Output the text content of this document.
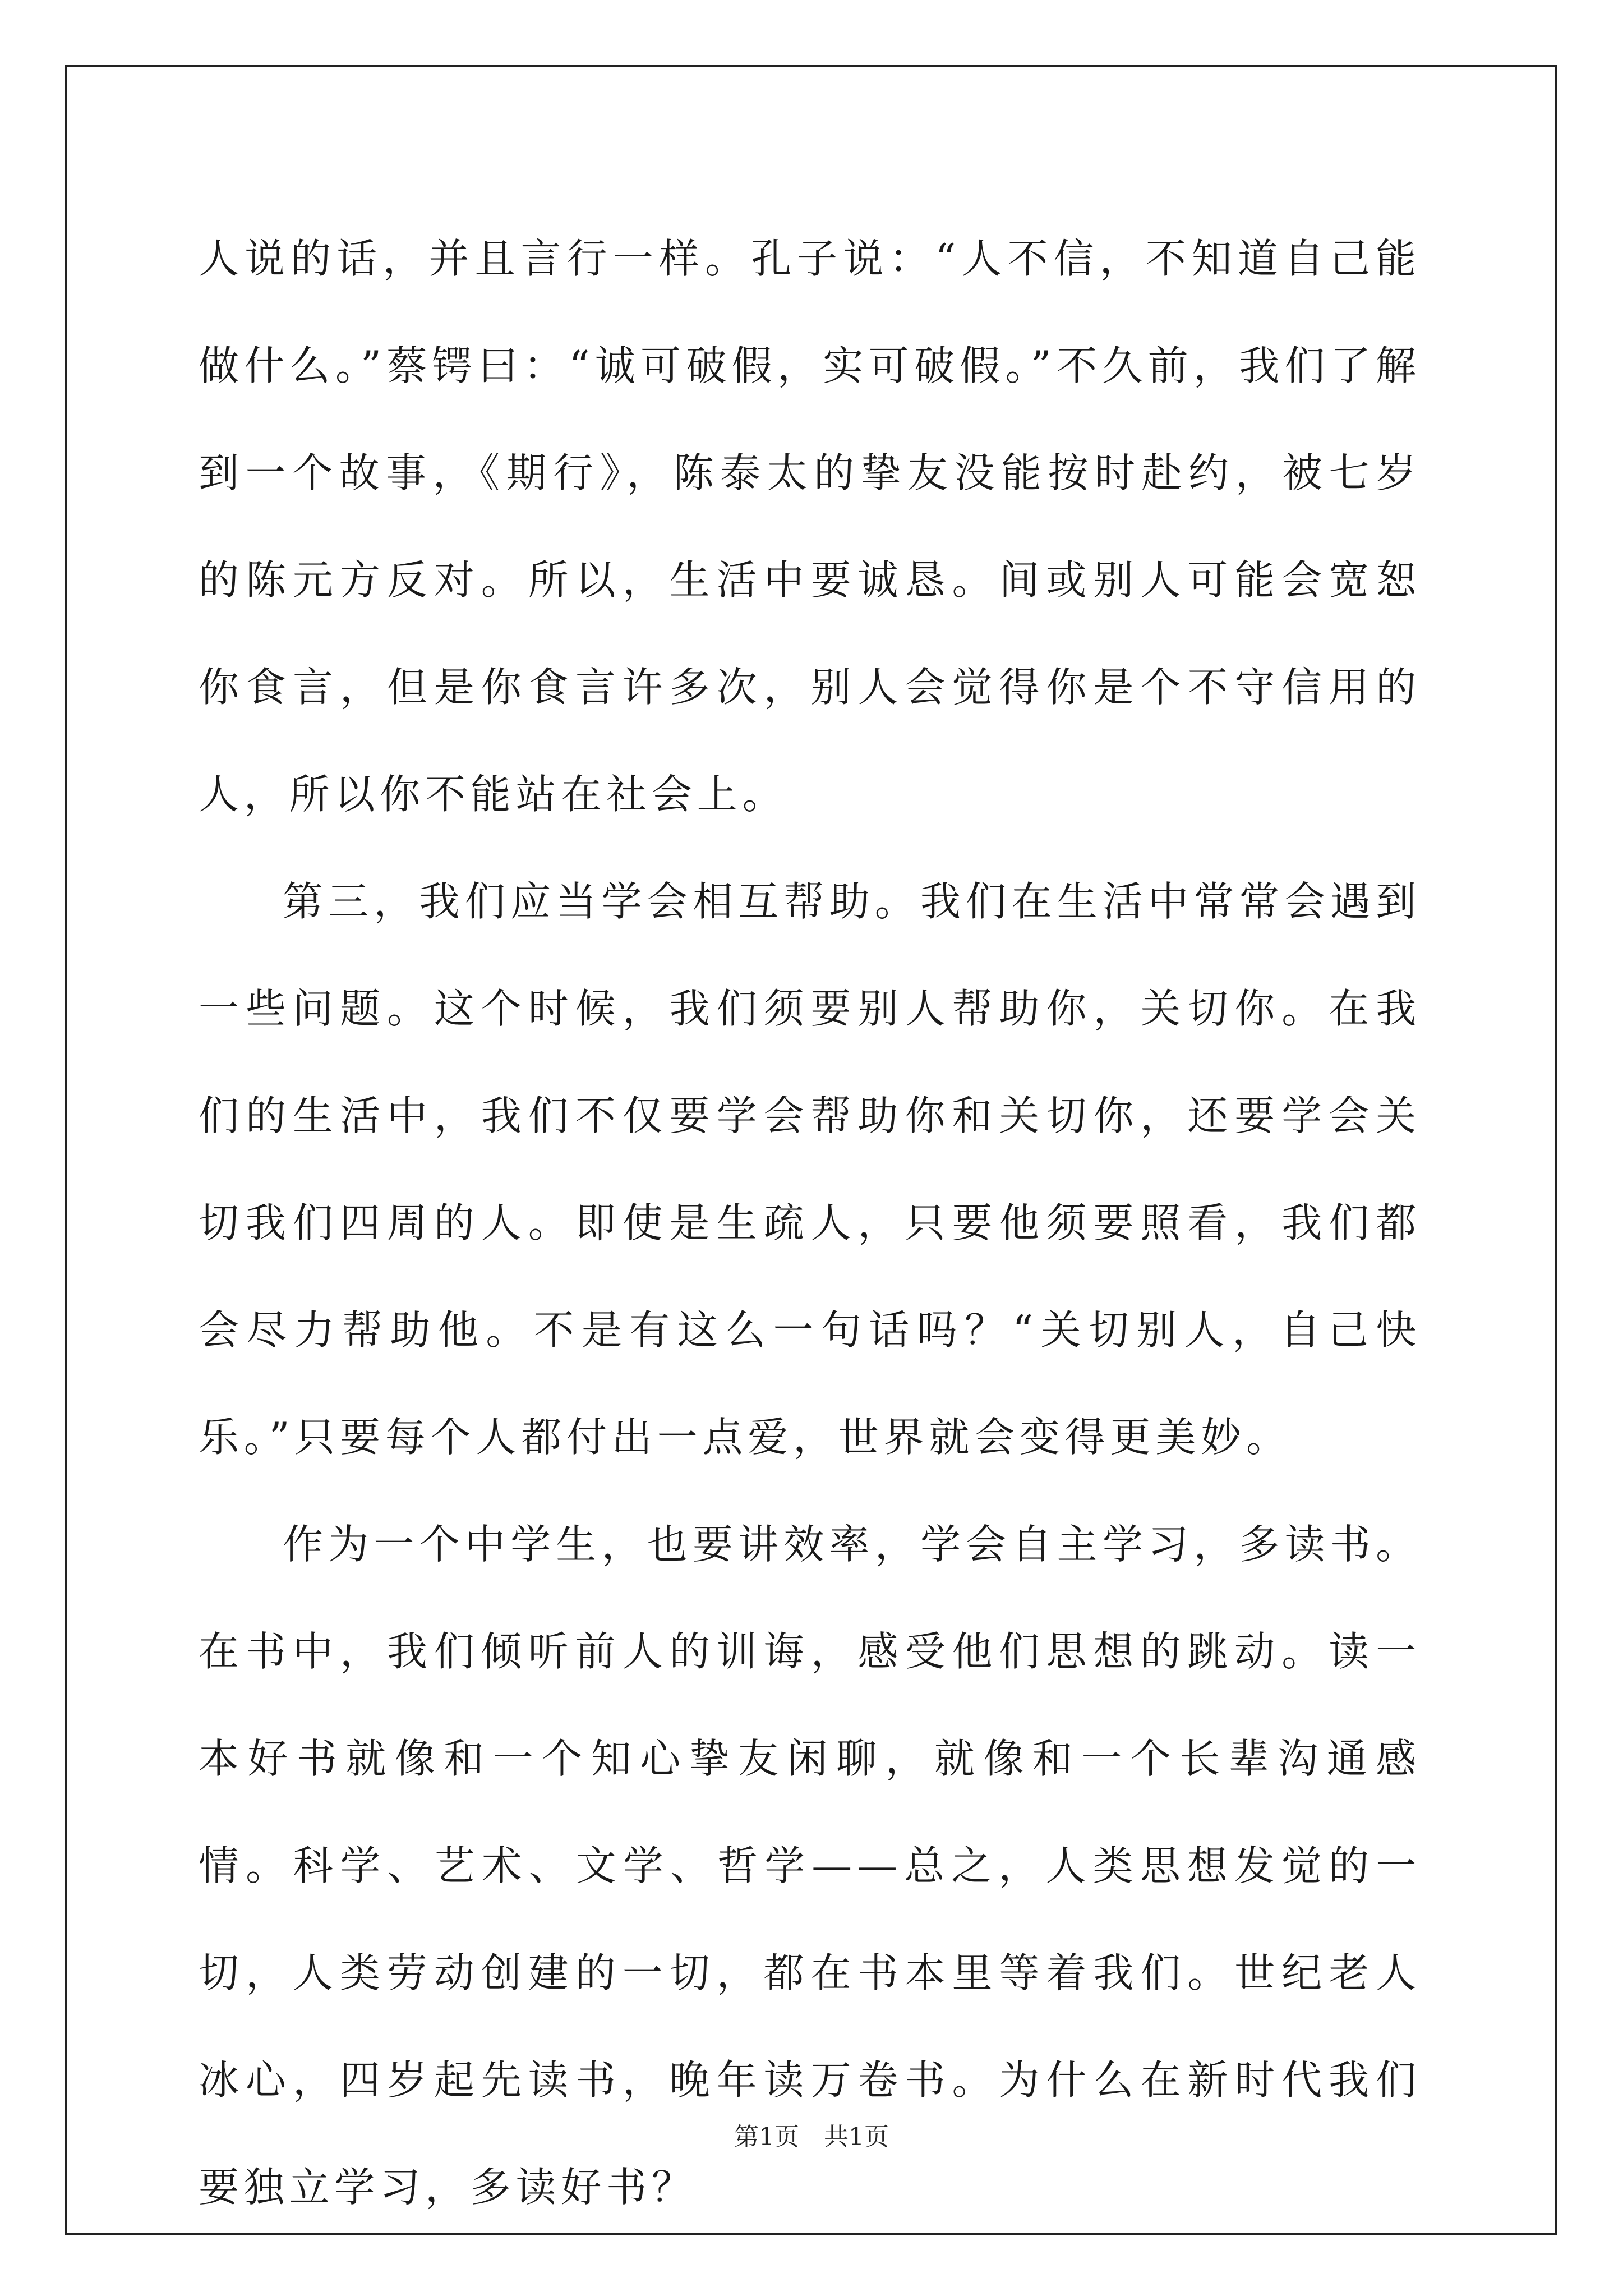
人说的话，并且言行一样。孔子说：“人不信，不知道自己能做什么。”蔡锷曰：“诚可破假，实可破假。”不久前，我们了解到一个故事，《期行》，陈泰太的挚友没能按时赴约，被七岁的陈元方反对。所以，生活中要诚恳。间或别人可能会宽恕你食言，但是你食言许多次，别人会觉得你是个不守信用的人，所以你不能站在社会上。

第三，我们应当学会相互帮助。我们在生活中常常会遇到一些问题。这个时候，我们须要别人帮助你，关切你。在我们的生活中，我们不仅要学会帮助你和关切你，还要学会关切我们四周的人。即使是生疏人，只要他须要照看，我们都会尽力帮助他。不是有这么一句话吗？“关切别人，自己快乐。”只要每个人都付出一点爱，世界就会变得更美妙。

作为一个中学生，也要讲效率，学会自主学习，多读书。在书中，我们倾听前人的训诲，感受他们思想的跳动。读一本好书就像和一个知心挚友闲聊，就像和一个长辈沟通感情。科学、艺术、文学、哲学——总之，人类思想发觉的一切，人类劳动创建的一切，都在书本里等着我们。世纪老人冰心，四岁起先读书，晚年读万卷书。为什么在新时代我们要独立学习，多读好书？

第1页　共1页
